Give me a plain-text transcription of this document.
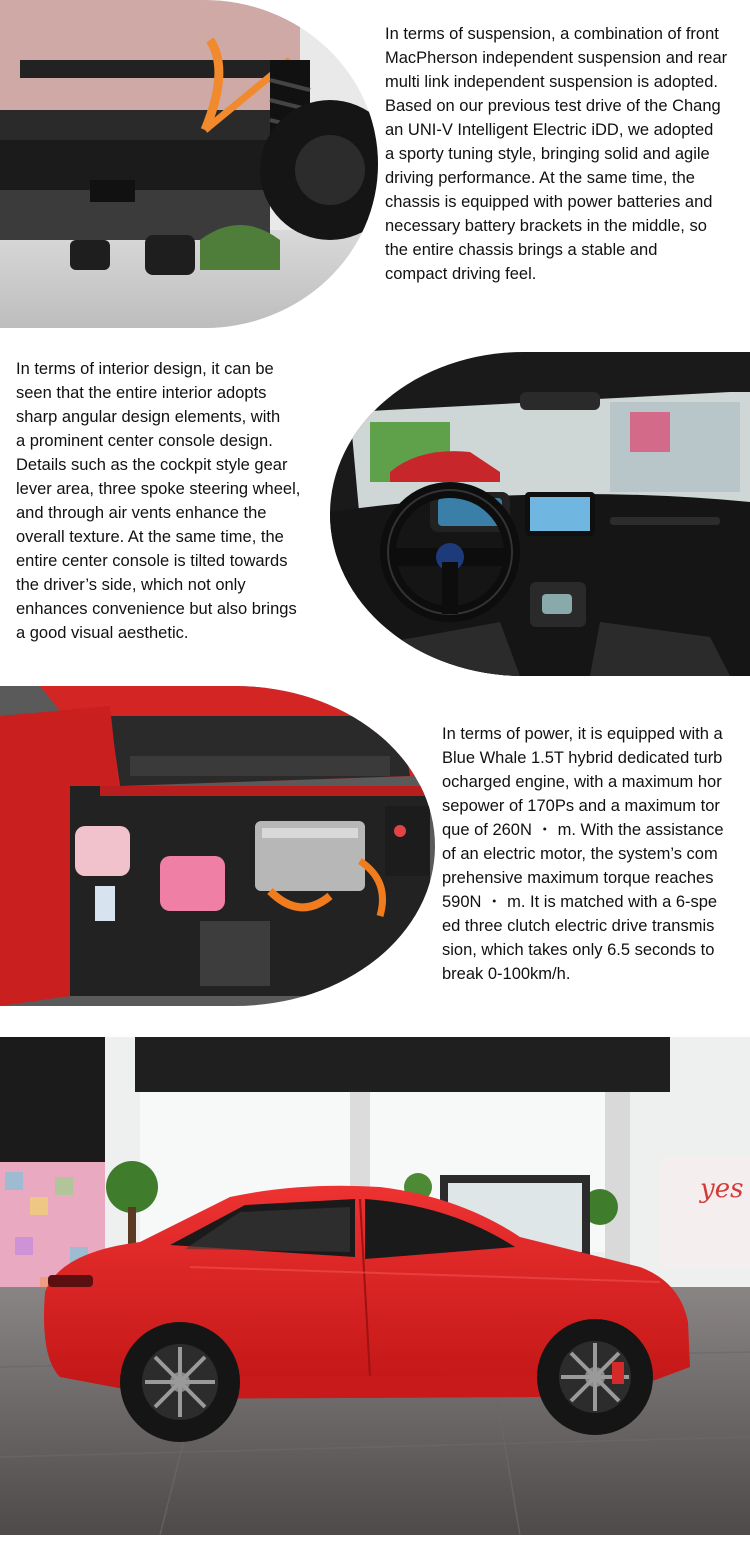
In terms of suspension, a combination of front

MacPherson independent suspension and rear

multi link independent suspension is adopted.

Based on our previous test drive of the Chang

an UNI-V Intelligent Electric iDD, we adopted

a sporty tuning style, bringing solid and agile

driving performance. At the same time, the

chassis is equipped with power batteries and

necessary battery brackets in the middle, so

the entire chassis brings a stable and

compact driving feel.

In terms of interior design, it can be

seen that the entire interior adopts

sharp angular design elements, with

a prominent center console design.

Details such as the cockpit style gear

lever area, three spoke steering wheel,

and through air vents enhance the

overall texture. At the same time, the

entire center console is tilted towards

the driver’s side, which not only

enhances convenience but also brings

a good visual aesthetic.

In terms of power, it is equipped with a

Blue Whale 1.5T hybrid dedicated turb

ocharged engine, with a maximum hor

sepower of 170Ps and a maximum tor

que of 260N ・ m. With the assistance

of an electric motor, the system’s com

prehensive maximum torque reaches

590N ・ m. It is matched with a 6-spe

ed three clutch electric drive transmis

sion, which takes only 6.5 seconds to

break 0-100km/h.

yes
